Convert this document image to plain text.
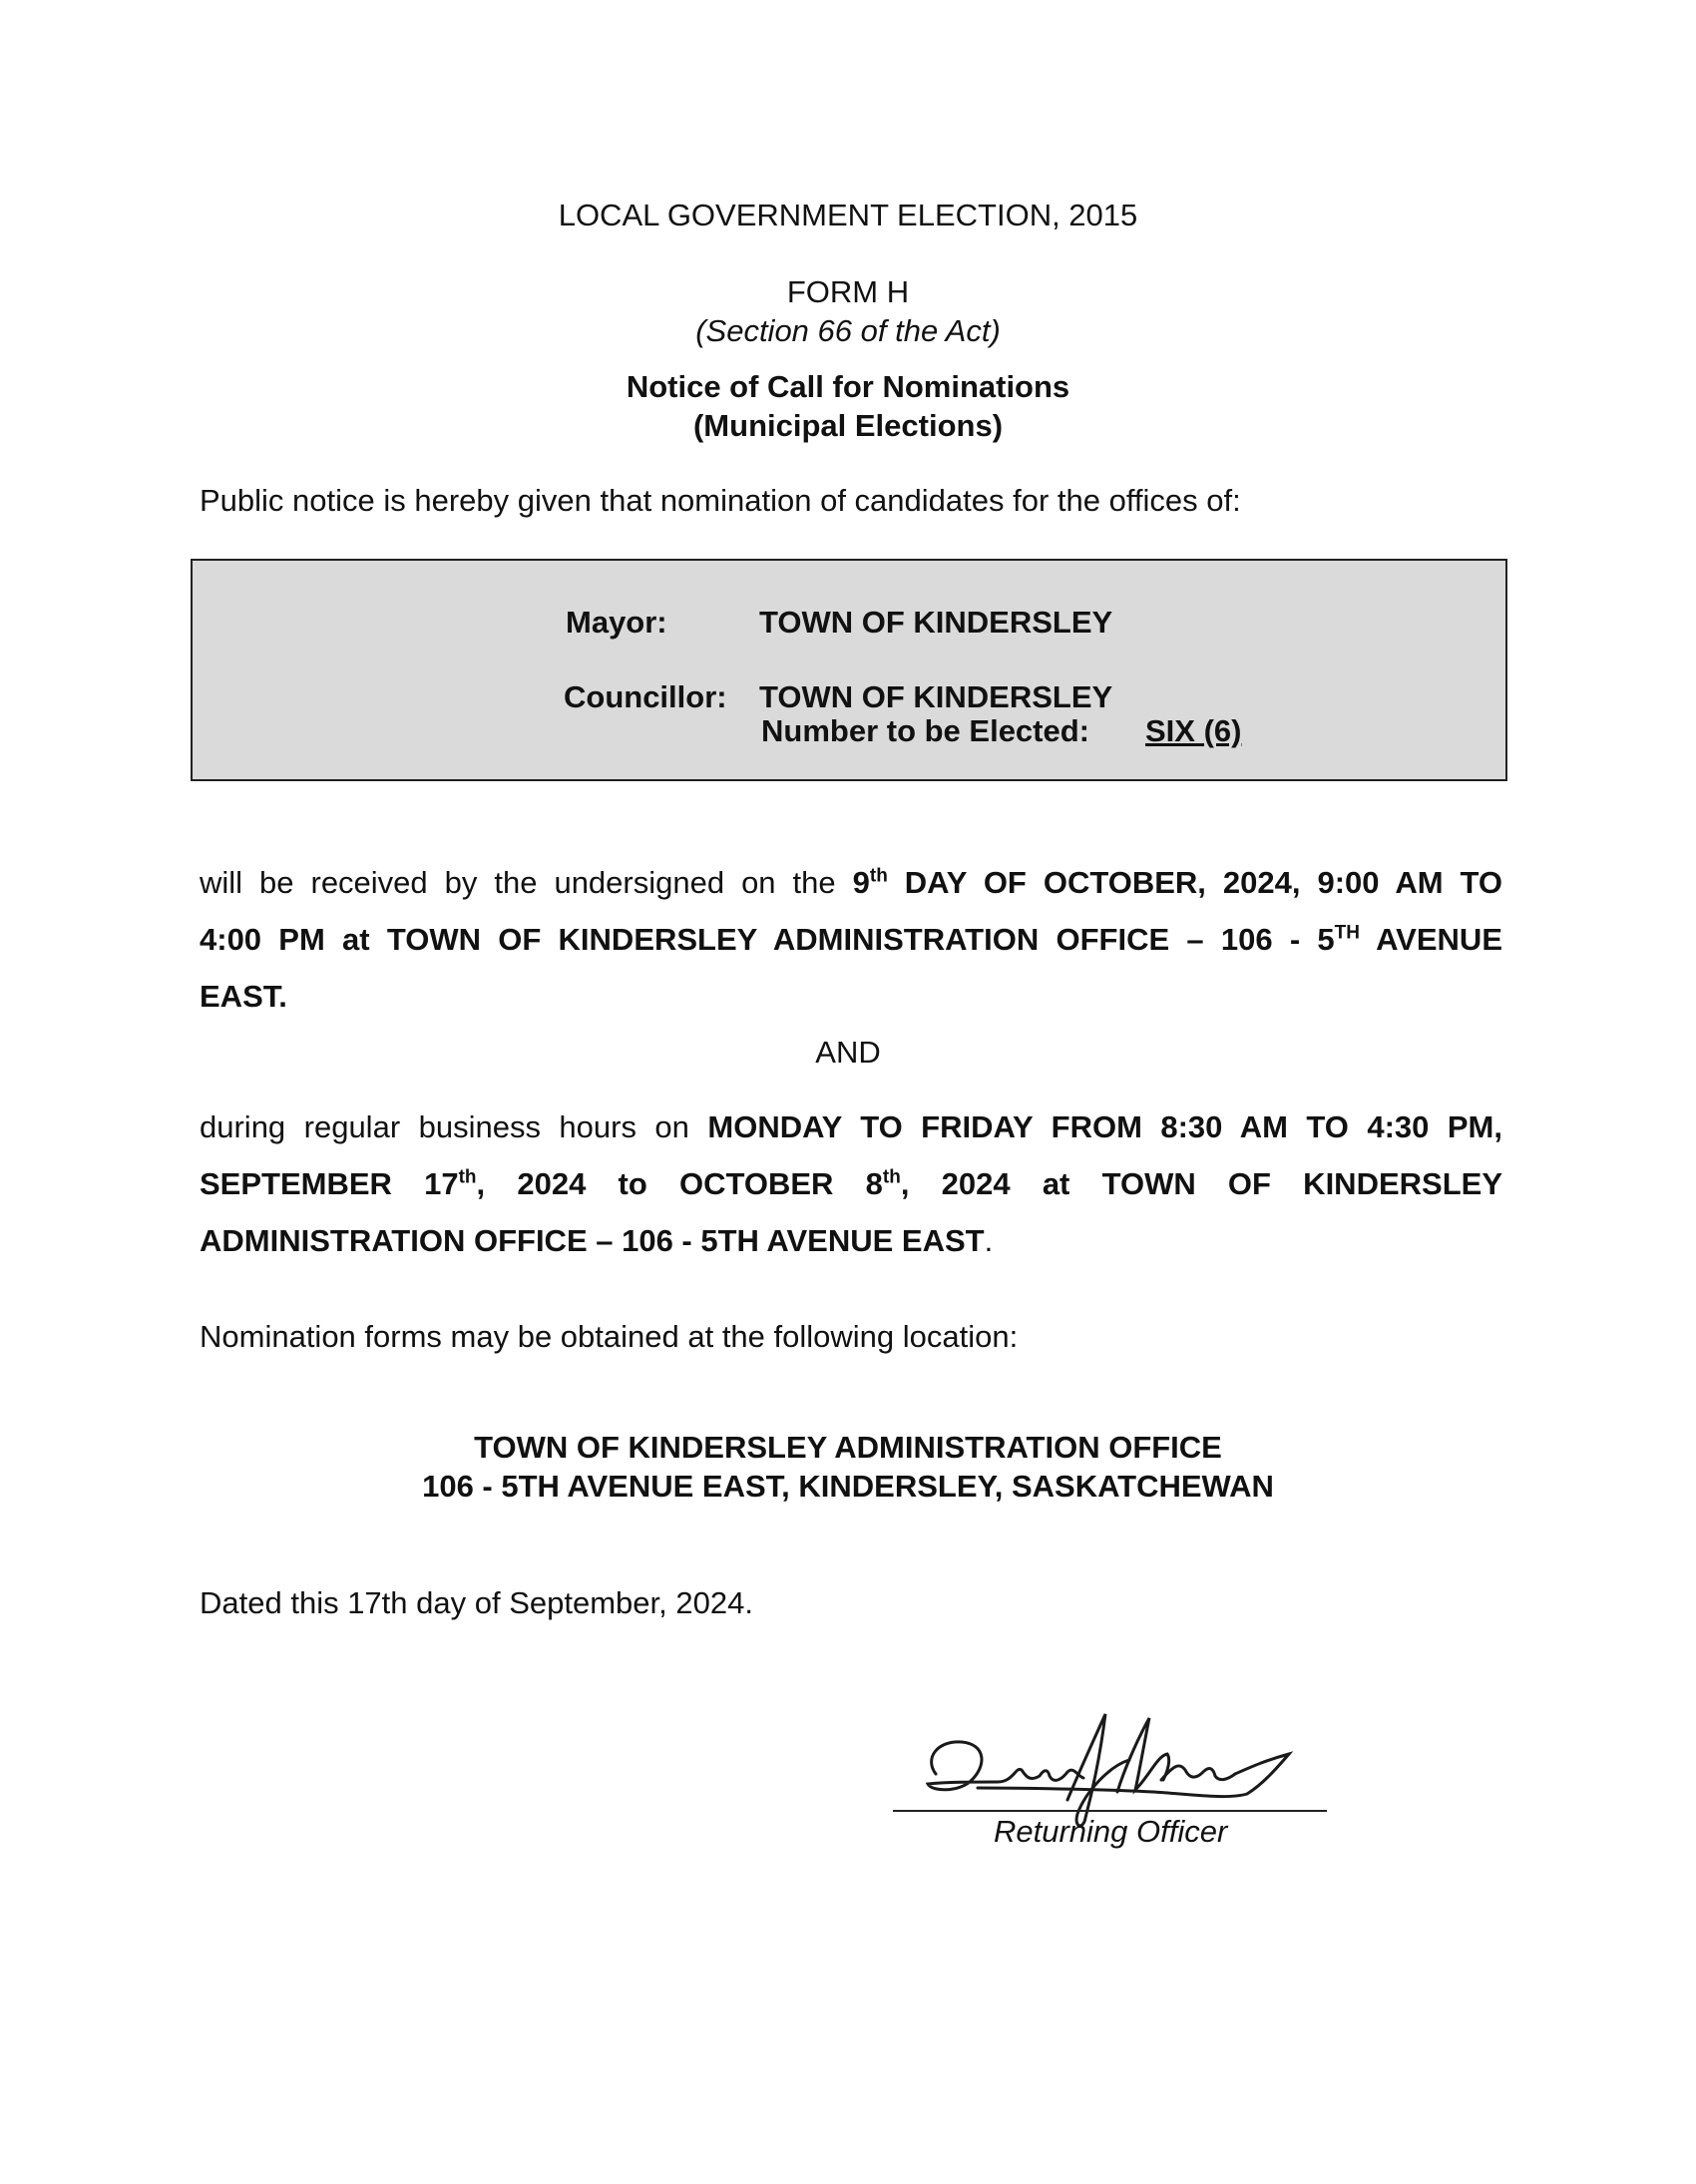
LOCAL GOVERNMENT ELECTION, 2015
FORM H
(Section 66 of the Act)
Notice of Call for Nominations
(Municipal Elections)
Public notice is hereby given that nomination of candidates for the offices of:
Mayor:	TOWN OF KINDERSLEY
Councillor: TOWN OF KINDERSLEY
Number to be Elected: SIX (6)
will be received by the undersigned on the 9th DAY OF OCTOBER, 2024, 9:00 AM TO
4:00 PM at TOWN OF KINDERSLEY ADMINISTRATION OFFICE – 106 - 5TH AVENUE
EAST.
AND
during regular business hours on MONDAY TO FRIDAY FROM 8:30 AM TO 4:30 PM,
SEPTEMBER 17th, 2024 to OCTOBER 8th, 2024 at TOWN OF KINDERSLEY
ADMINISTRATION OFFICE – 106 - 5TH AVENUE EAST.
Nomination forms may be obtained at the following location:
TOWN OF KINDERSLEY ADMINISTRATION OFFICE
106 - 5TH AVENUE EAST, KINDERSLEY, SASKATCHEWAN
Dated this 17th day of September, 2024.
Returning Officer
